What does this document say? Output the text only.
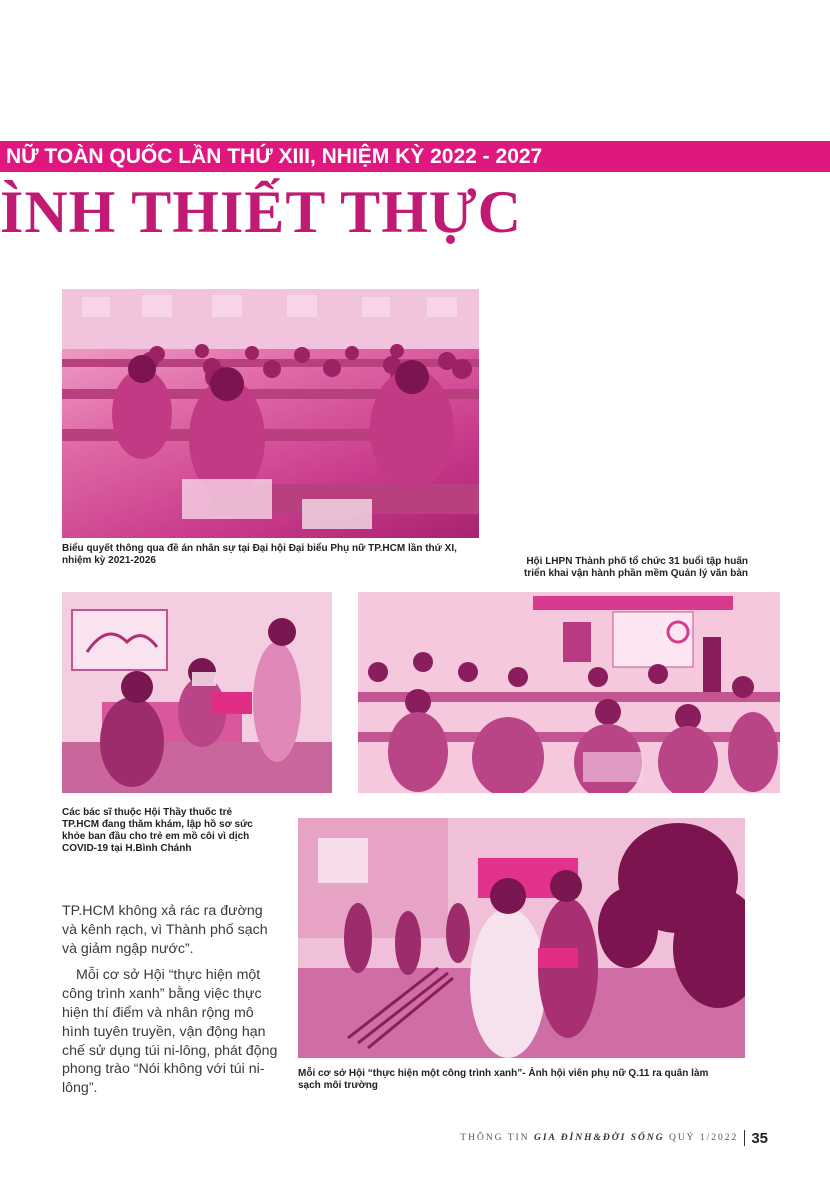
NỮ TOÀN QUỐC LẦN THỨ XIII, NHIỆM KỲ 2022 - 2027
ÌNH THIẾT THỰC
Biểu quyết thông qua đề án nhân sự tại Đại hội Đại biểu Phụ nữ TP.HCM lần thứ XI,
nhiệm kỳ 2021-2026	Hội LHPN Thành phố tổ chức 31 buổi tập huấn
triển khai vận hành phần mềm Quản lý văn bản
Các bác sĩ thuộc Hội Thầy thuốc trẻ
TP.HCM đang thăm khám, lập hồ sơ sức
khỏe ban đầu cho trẻ em mồ côi vì dịch
COVID-19 tại H.Bình Chánh

TP.HCM không xả rác ra đường và kênh rạch, vì Thành phố sạch và giảm ngập nước”.

Mỗi cơ sở Hội “thực hiện một công trình xanh” bằng việc thực hiện thí điểm và nhân rộng mô hình tuyên truyền, vận động hạn chế sử dụng túi ni-lông, phát động phong trào “Nói không với túi ni-lông”.

Mỗi cơ sở Hội “thực hiện một công trình xanh”- Ảnh hội viên phụ nữ Q.11 ra quân làm
sạch môi trường
THÔNG TIN GIA ĐÌNH&ĐỜI SỐNG QUÝ 1/2022 35
